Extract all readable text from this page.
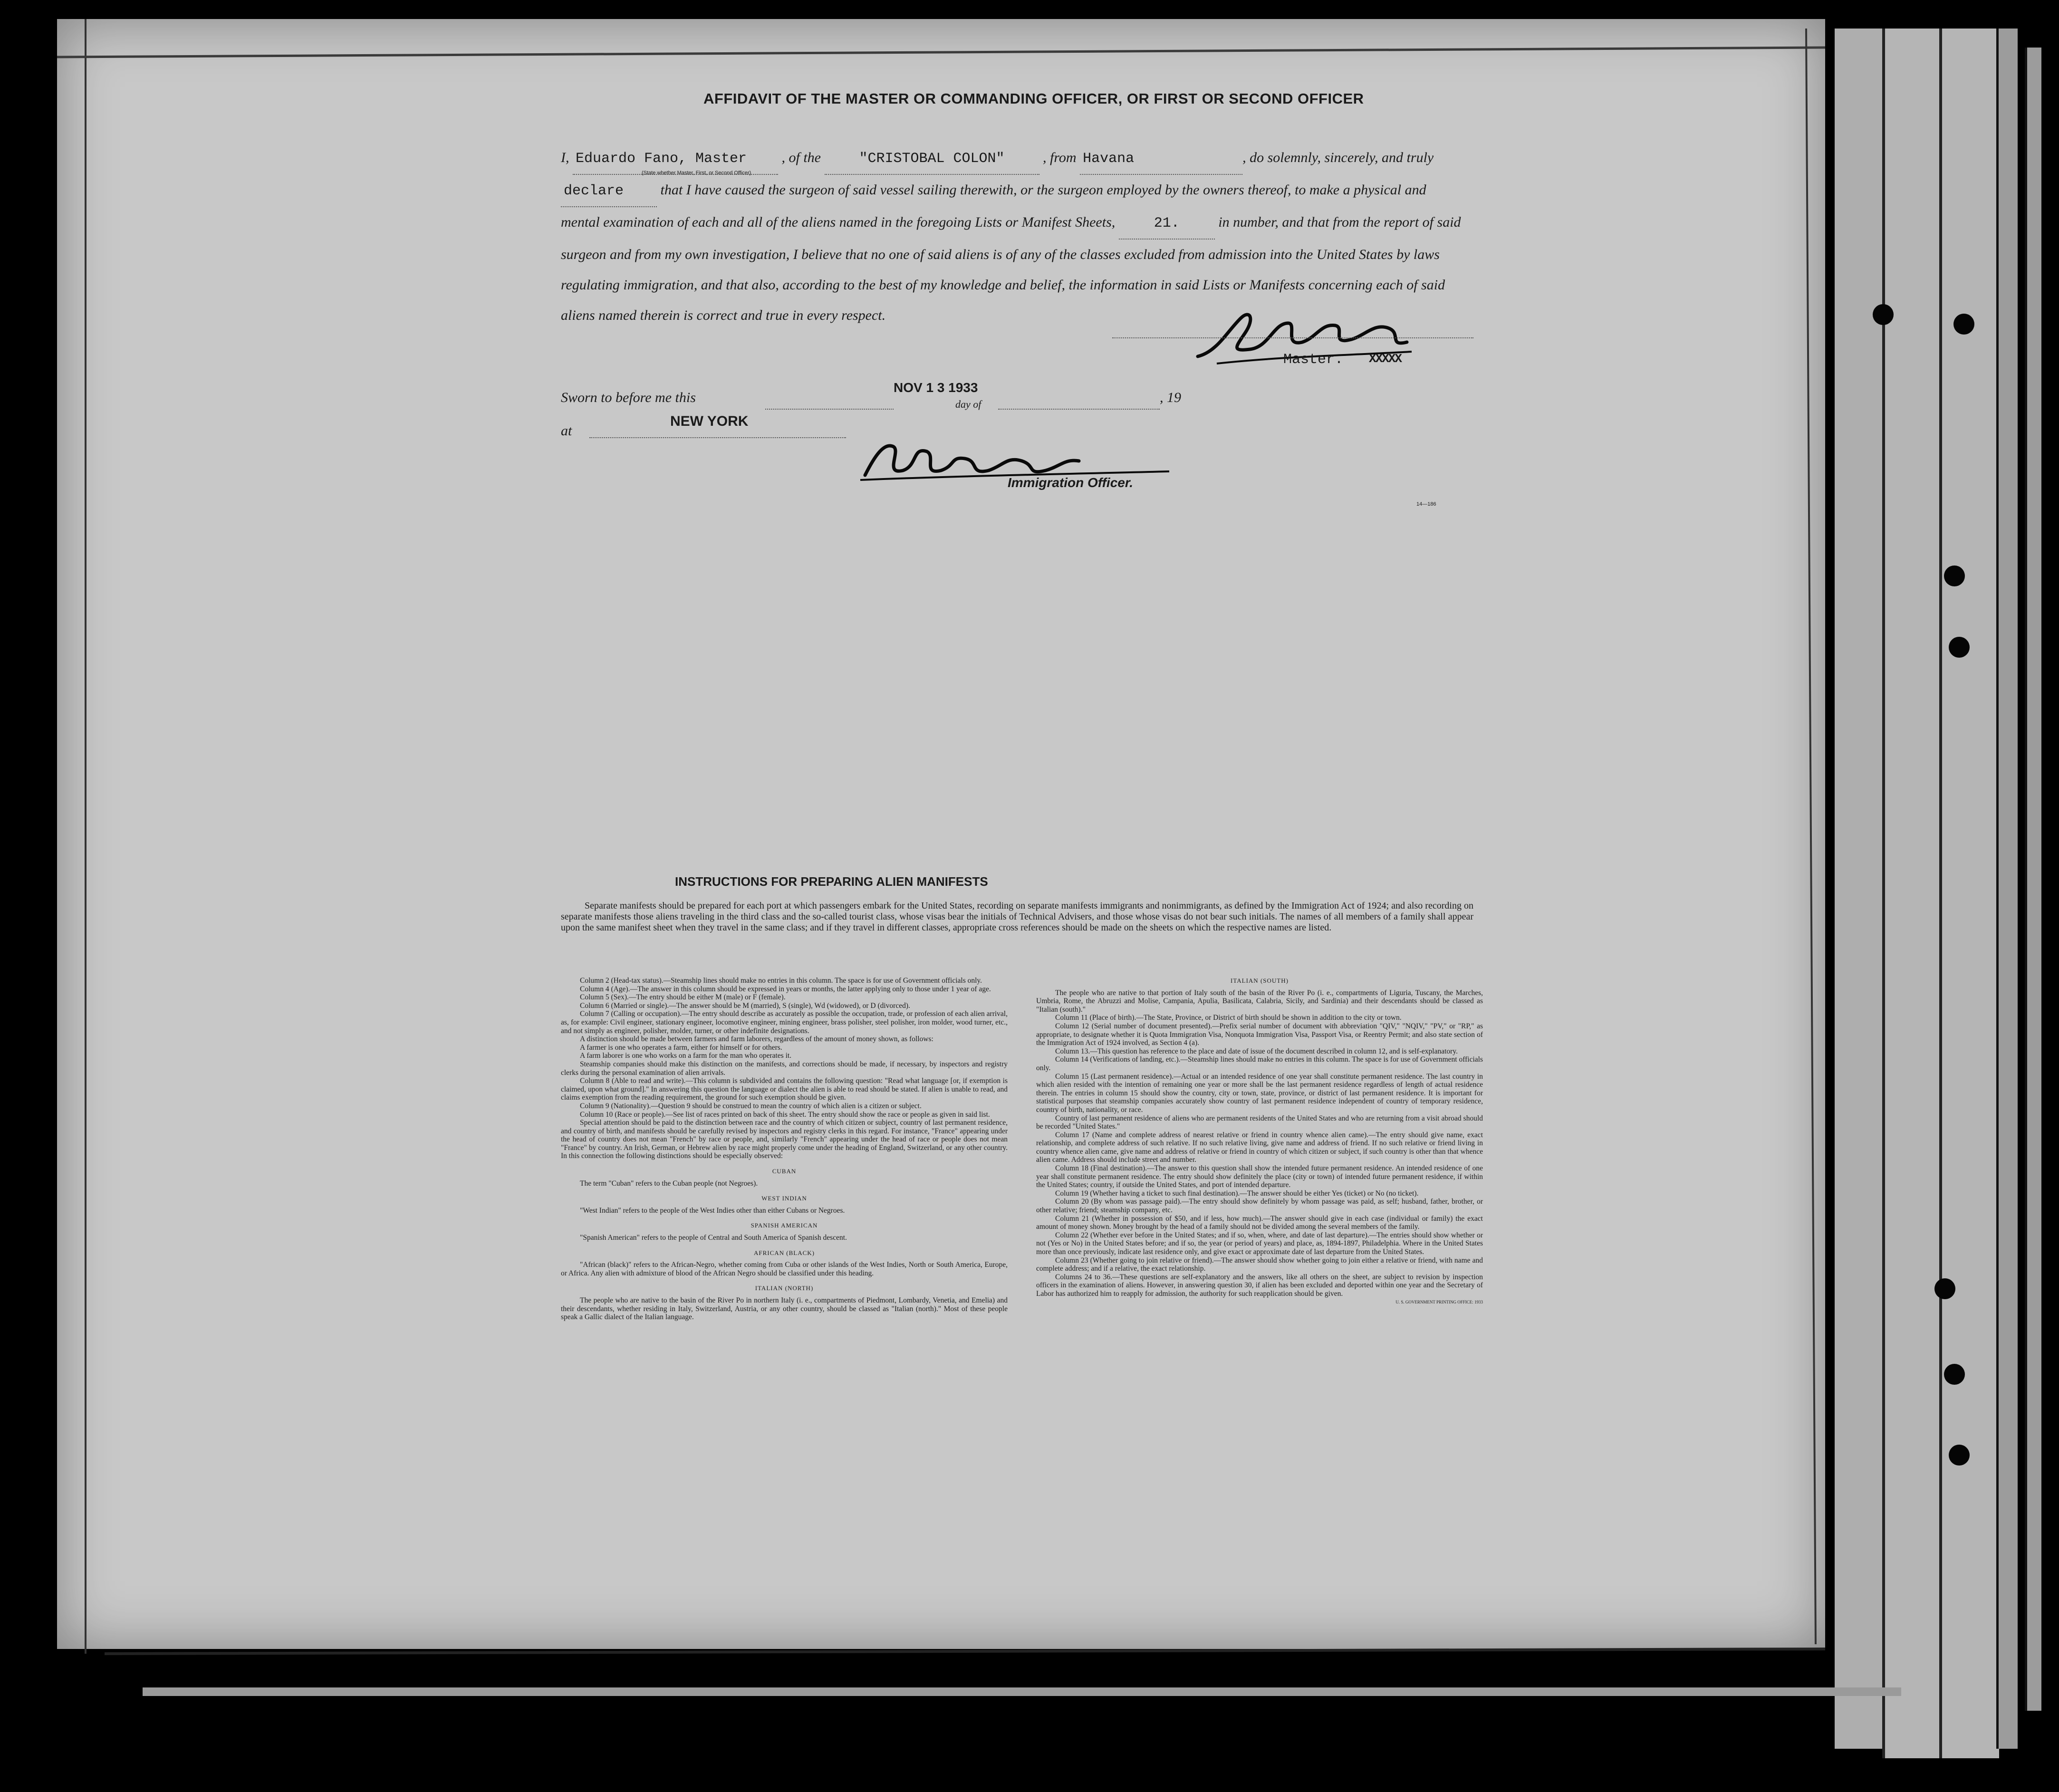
AFFIDAVIT OF THE MASTER OR COMMANDING OFFICER, OR FIRST OR SECOND OFFICER
I, Eduardo Fano, Master , of the	"CRISTOBAL COLON"	, from Havana	, do solemnly, sincerely, and truly declare	that I have caused the surgeon of said vessel sailing therewith, or the surgeon employed by the owners thereof, to make a physical and mental examination of each and all of the aliens named in the foregoing Lists or Manifest Sheets,	21.	in number, and that from the report of said surgeon and from my own investigation, I believe that no one of said aliens is of any of the classes excluded from admission into the United States by laws regulating immigration, and that also, according to the best of my knowledge and belief, the information in said Lists or Manifests concerning each of said aliens named therein is correct and true in every respect.
(State whether Master, First, or Second Officer)
Master. XXXXX
Sworn to before me this
NOV 1 3 1933
day of	, 19
at
NEW YORK
Immigration Officer.
14—186
INSTRUCTIONS FOR PREPARING ALIEN MANIFESTS
Separate manifests should be prepared for each port at which passengers embark for the United States, recording on separate manifests immigrants and nonimmigrants, as defined by the Immigration Act of 1924; and also recording on separate manifests those aliens traveling in the third class and the so-called tourist class, whose visas bear the initials of Technical Advisers, and those whose visas do not bear such initials. The names of all members of a family shall appear upon the same manifest sheet when they travel in the same class; and if they travel in different classes, appropriate cross references should be made on the sheets on which the respective names are listed.

Column 2 (Head-tax status).—Steamship lines should make no entries in this column. The space is for use of Government officials only.

Column 4 (Age).—The answer in this column should be expressed in years or months, the latter applying only to those under 1 year of age.

Column 5 (Sex).—The entry should be either M (male) or F (female).

Column 6 (Married or single).—The answer should be M (married), S (single), Wd (widowed), or D (divorced).

Column 7 (Calling or occupation).—The entry should describe as accurately as possible the occupation, trade, or profession of each alien arrival, as, for example: Civil engineer, stationary engineer, locomotive engineer, mining engineer, brass polisher, steel polisher, iron molder, wood turner, etc., and not simply as engineer, polisher, molder, turner, or other indefinite designations.

A distinction should be made between farmers and farm laborers, regardless of the amount of money shown, as follows:

A farmer is one who operates a farm, either for himself or for others.

A farm laborer is one who works on a farm for the man who operates it.

Steamship companies should make this distinction on the manifests, and corrections should be made, if necessary, by inspectors and registry clerks during the personal examination of alien arrivals.

Column 8 (Able to read and write).—This column is subdivided and contains the following question: "Read what language [or, if exemption is claimed, upon what ground]." In answering this question the language or dialect the alien is able to read should be stated. If alien is unable to read, and claims exemption from the reading requirement, the ground for such exemption should be given.

Column 9 (Nationality).—Question 9 should be construed to mean the country of which alien is a citizen or subject.

Column 10 (Race or people).—See list of races printed on back of this sheet. The entry should show the race or people as given in said list.

Special attention should be paid to the distinction between race and the country of which citizen or subject, country of last permanent residence, and country of birth, and manifests should be carefully revised by inspectors and registry clerks in this regard. For instance, "France" appearing under the head of country does not mean "French" by race or people, and, similarly "French" appearing under the head of race or people does not mean "France" by country. An Irish, German, or Hebrew alien by race might properly come under the heading of England, Switzerland, or any other country. In this connection the following distinctions should be especially observed:

CUBAN

The term "Cuban" refers to the Cuban people (not Negroes).

WEST INDIAN

"West Indian" refers to the people of the West Indies other than either Cubans or Negroes.

SPANISH AMERICAN

"Spanish American" refers to the people of Central and South America of Spanish descent.

AFRICAN (BLACK)

"African (black)" refers to the African-Negro, whether coming from Cuba or other islands of the West Indies, North or South America, Europe, or Africa. Any alien with admixture of blood of the African Negro should be classified under this heading.

ITALIAN (NORTH)

The people who are native to the basin of the River Po in northern Italy (i. e., compartments of Piedmont, Lombardy, Venetia, and Emelia) and their descendants, whether residing in Italy, Switzerland, Austria, or any other country, should be classed as "Italian (north)." Most of these people speak a Gallic dialect of the Italian language.

ITALIAN (SOUTH)

The people who are native to that portion of Italy south of the basin of the River Po (i. e., compartments of Liguria, Tuscany, the Marches, Umbria, Rome, the Abruzzi and Molise, Campania, Apulia, Basilicata, Calabria, Sicily, and Sardinia) and their descendants should be classed as "Italian (south)."

Column 11 (Place of birth).—The State, Province, or District of birth should be shown in addition to the city or town.

Column 12 (Serial number of document presented).—Prefix serial number of document with abbreviation "QIV," "NQIV," "PV," or "RP," as appropriate, to designate whether it is Quota Immigration Visa, Nonquota Immigration Visa, Passport Visa, or Reentry Permit; and also state section of the Immigration Act of 1924 involved, as Section 4 (a).

Column 13.—This question has reference to the place and date of issue of the document described in column 12, and is self-explanatory.

Column 14 (Verifications of landing, etc.).—Steamship lines should make no entries in this column. The space is for use of Government officials only.

Column 15 (Last permanent residence).—Actual or an intended residence of one year shall constitute permanent residence. The last country in which alien resided with the intention of remaining one year or more shall be the last permanent residence regardless of length of actual residence therein. The entries in column 15 should show the country, city or town, state, province, or district of last permanent residence. It is important for statistical purposes that steamship companies accurately show country of last permanent residence independent of country of temporary residence, country of birth, nationality, or race.

Country of last permanent residence of aliens who are permanent residents of the United States and who are returning from a visit abroad should be recorded "United States."

Column 17 (Name and complete address of nearest relative or friend in country whence alien came).—The entry should give name, exact relationship, and complete address of such relative. If no such relative living, give name and address of friend. If no such relative or friend living in country whence alien came, give name and address of relative or friend in country of which citizen or subject, if such country is other than that whence alien came. Address should include street and number.

Column 18 (Final destination).—The answer to this question shall show the intended future permanent residence. An intended residence of one year shall constitute permanent residence. The entry should show definitely the place (city or town) of intended future permanent residence, if within the United States; country, if outside the United States, and port of intended departure.

Column 19 (Whether having a ticket to such final destination).—The answer should be either Yes (ticket) or No (no ticket).

Column 20 (By whom was passage paid).—The entry should show definitely by whom passage was paid, as self; husband, father, brother, or other relative; friend; steamship company, etc.

Column 21 (Whether in possession of $50, and if less, how much).—The answer should give in each case (individual or family) the exact amount of money shown. Money brought by the head of a family should not be divided among the several members of the family.

Column 22 (Whether ever before in the United States; and if so, when, where, and date of last departure).—The entries should show whether or not (Yes or No) in the United States before; and if so, the year (or period of years) and place, as, 1894-1897, Philadelphia. Where in the United States more than once previously, indicate last residence only, and give exact or approximate date of last departure from the United States.

Column 23 (Whether going to join relative or friend).—The answer should show whether going to join either a relative or friend, with name and complete address; and if a relative, the exact relationship.

Columns 24 to 36.—These questions are self-explanatory and the answers, like all others on the sheet, are subject to revision by inspection officers in the examination of aliens. However, in answering question 30, if alien has been excluded and deported within one year and the Secretary of Labor has authorized him to reapply for admission, the authority for such reapplication should be given.

U. S. GOVERNMENT PRINTING OFFICE: 1933
